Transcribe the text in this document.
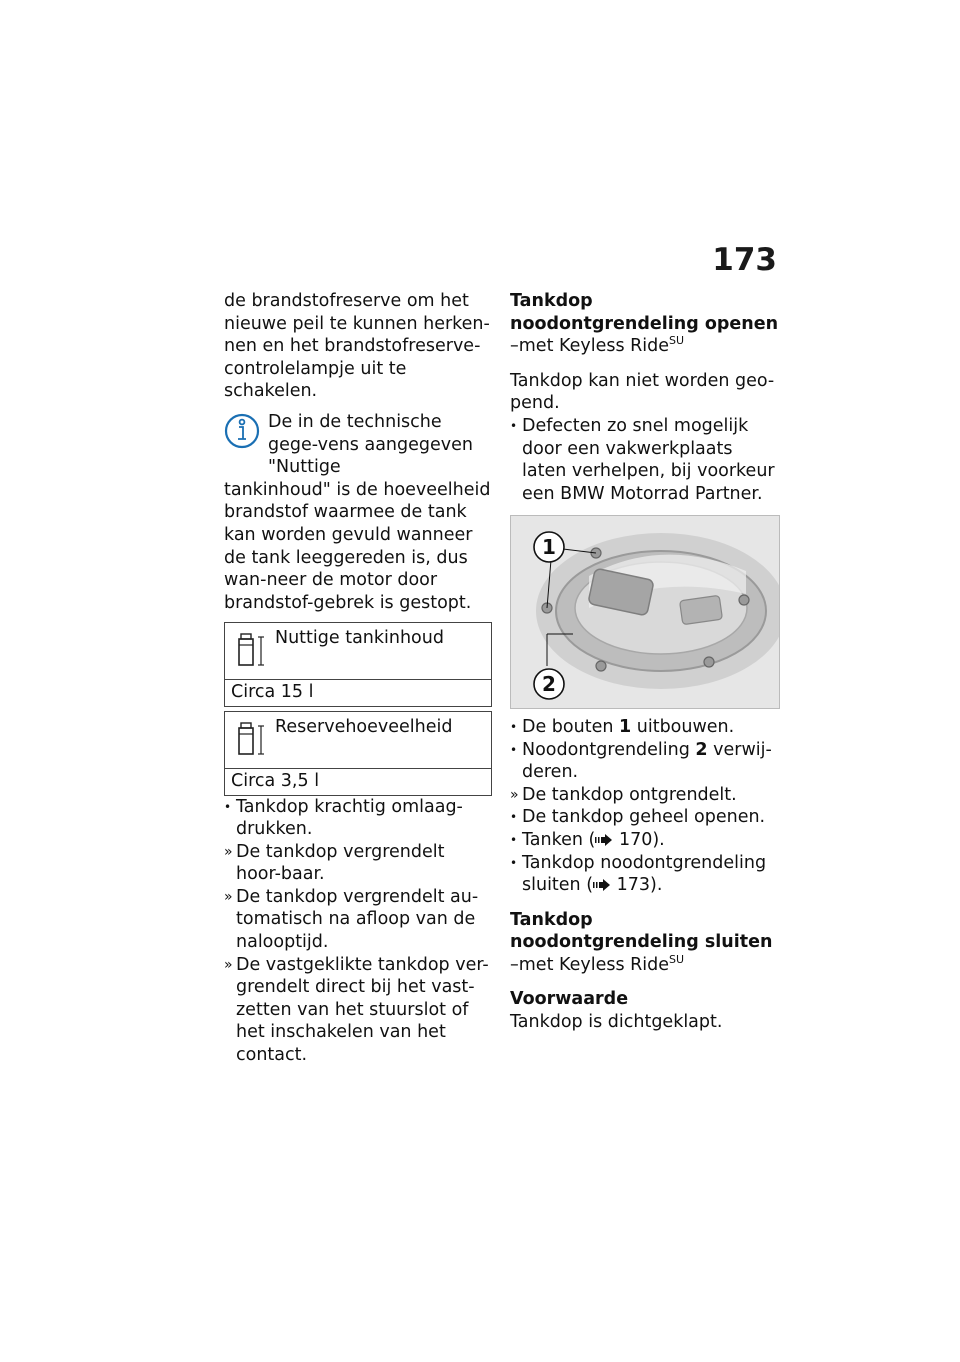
173

de brandstofreserve om het nieuwe peil te kunnen herken-nen en het brandstofreserve-controlelampje uit te schakelen.

De in de technische gege-vens aangegeven "Nuttige
tankinhoud" is de hoeveelheid brandstof waarmee de tank kan worden gevuld wanneer de tank leeggereden is, dus wan-neer de motor door brandstof-gebrek is gestopt.
Nuttige tankinhoud
Circa 15 l
Reservehoeveelheid
Circa 3,5 l
• Tankdop krachtig omlaag-drukken.
» De tankdop vergrendelt hoor-baar.
» De tankdop vergrendelt au-tomatisch na afloop van de nalooptijd.
» De vastgeklikte tankdop ver-grendelt direct bij het vast-zetten van het stuurslot of het inschakelen van het contact.

Tankdop noodontgrendeling openen

–met Keyless Ride$^{SU}$

Tankdop kan niet worden geo-pend.

• Defecten zo snel mogelijk door een vakwerkplaats laten verhelpen, bij voorkeur een BMW Motorrad Partner.
1
2
• De bouten 1 uitbouwen.
• Noodontgrendeling 2 verwij-deren.
» De tankdop ontgrendelt.
• De tankdop geheel openen.
• Tanken ( 170).
• Tankdop noodontgrendeling sluiten ( 173).

Tankdop noodontgrendeling sluiten

–met Keyless Ride$^{SU}$

Voorwaarde

Tankdop is dichtgeklapt.
